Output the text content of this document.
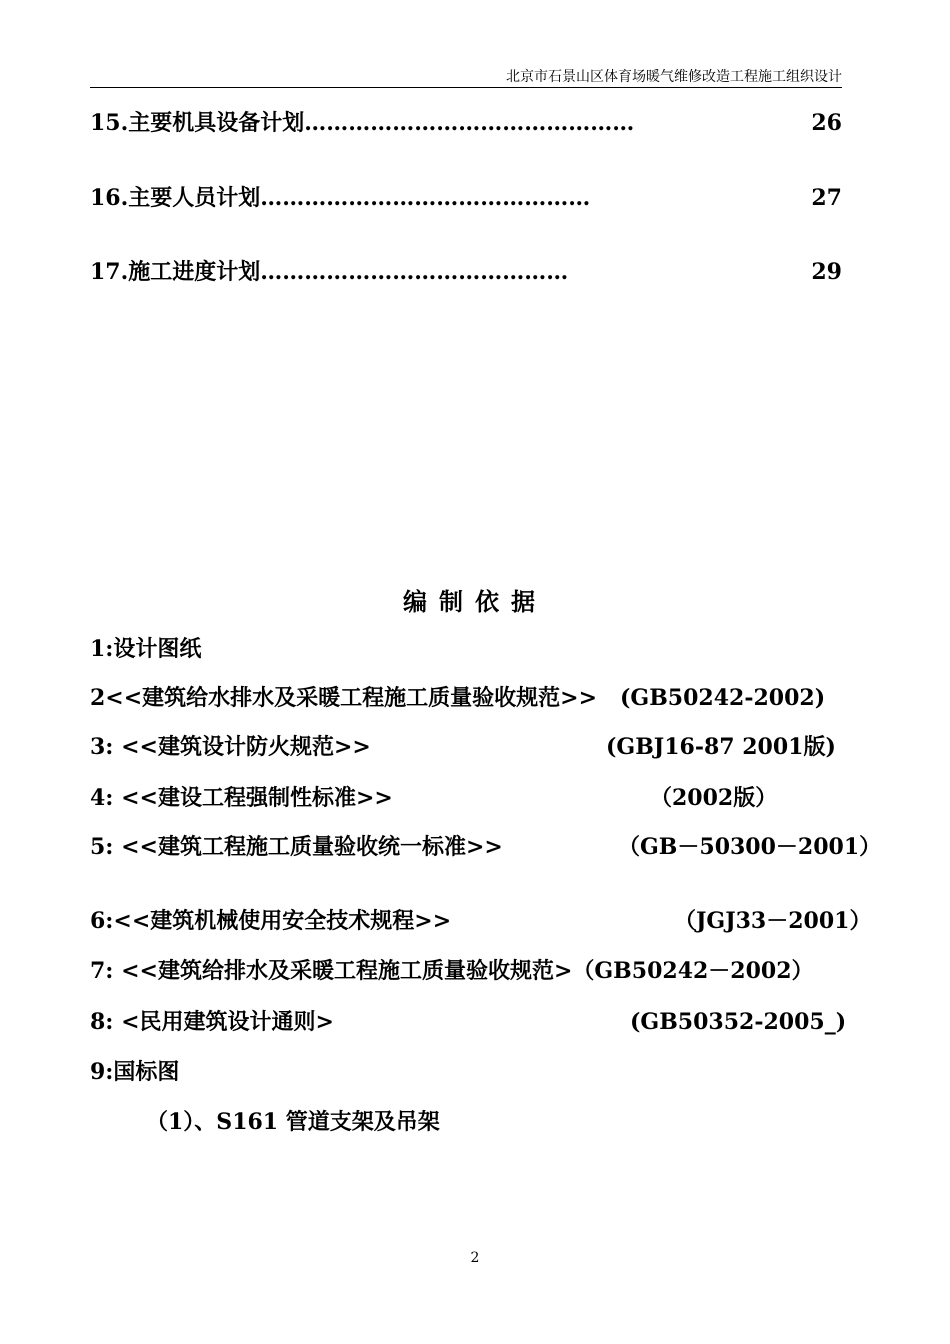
北京市石景山区体育场暖气维修改造工程施工组织设计
15.主要机具设备计划………………………………………	26
16.主要人员计划………………………………………	27
17.施工进度计划……………………………………	29
编制依据
1:设计图纸
2<<建筑给水排水及采暖工程施工质量验收规范>> (GB50242-2002)
3: <<建筑设计防火规范>>	(GBJ16-87 2001版)
4: <<建设工程强制性标准>>	（2002版）
5: <<建筑工程施工质量验收统一标准>>	（GB－50300－2001）
6:<<建筑机械使用安全技术规程>>	（JGJ33－2001）
7: <<建筑给排水及采暖工程施工质量验收规范>（GB50242－2002）
8: <民用建筑设计通则>	(GB50352-2005_)
9:国标图
（1）、S161 管道支架及吊架
2
